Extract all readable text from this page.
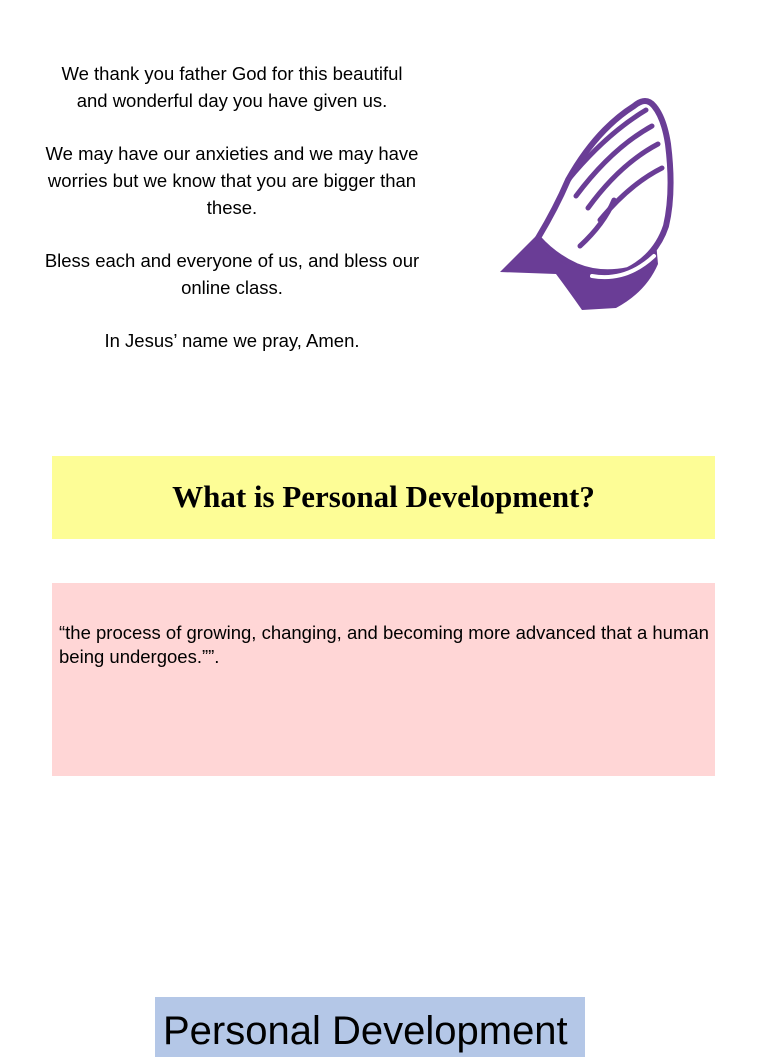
We thank you father God for this beautiful and wonderful day you have given us.

We may have our anxieties and we may have worries but we know that you are bigger than these.

Bless each and everyone of us, and bless our online class.

In Jesus’ name we pray, Amen.

What is Personal Development?
“the process of growing, changing, and becoming more advanced that a human being undergoes.””.
Personal Development
